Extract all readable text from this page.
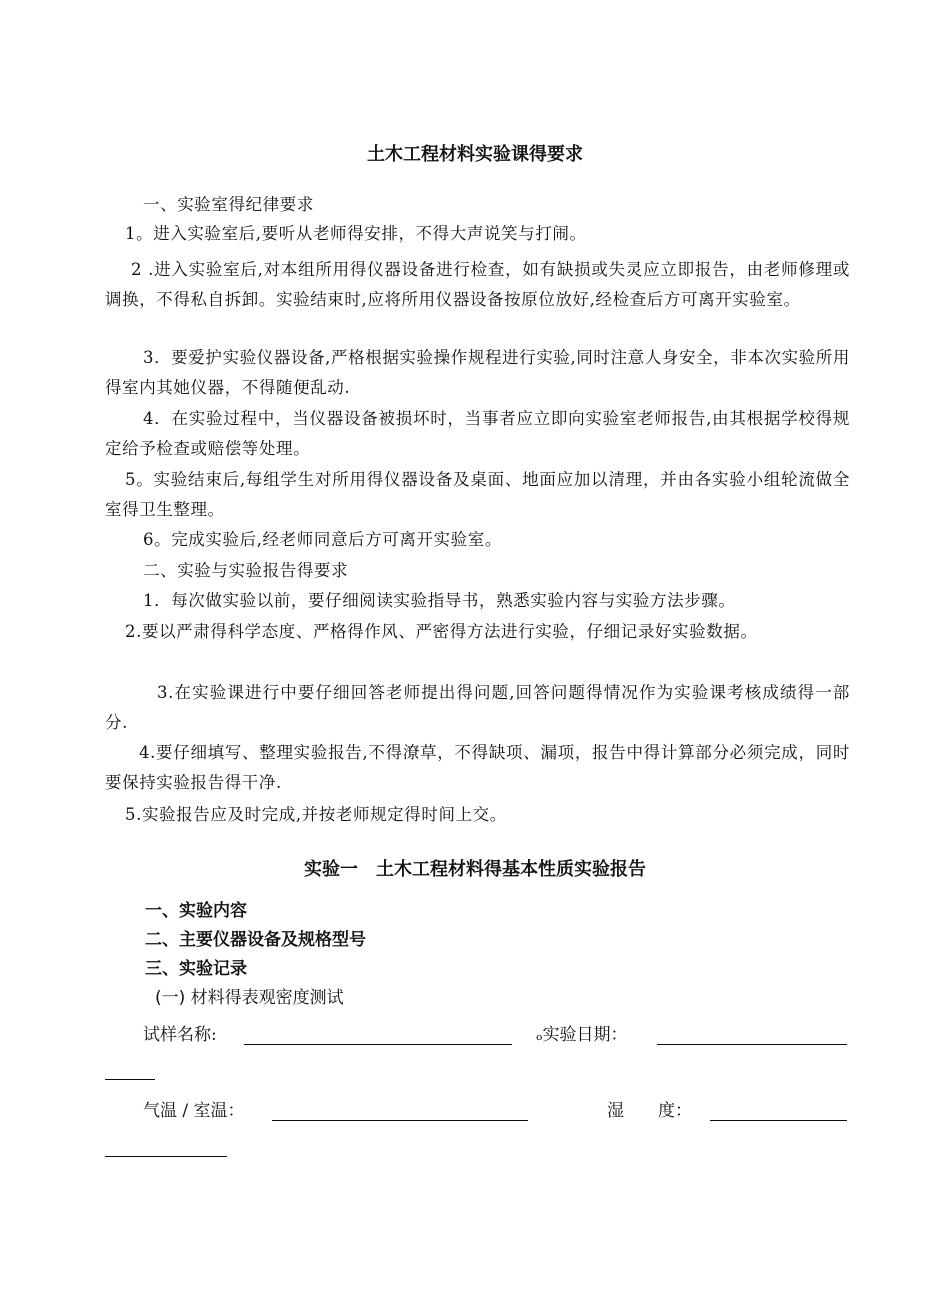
土木工程材料实验课得要求

一、实验室得纪律要求

1。进入实验室后,要听从老师得安排，不得大声说笑与打闹。

2 .进入实验室后,对本组所用得仪器设备进行检查，如有缺损或失灵应立即报告，由老师修理或调换，不得私自拆卸。实验结束时,应将所用仪器设备按原位放好,经检查后方可离开实验室。

3．要爱护实验仪器设备,严格根据实验操作规程进行实验,同时注意人身安全，非本次实验所用得室内其她仪器，不得随便乱动.

4．在实验过程中，当仪器设备被损坏时，当事者应立即向实验室老师报告,由其根据学校得规定给予检查或赔偿等处理。

5。实验结束后,每组学生对所用得仪器设备及桌面、地面应加以清理，并由各实验小组轮流做全室得卫生整理。

6。完成实验后,经老师同意后方可离开实验室。

二、实验与实验报告得要求

1．每次做实验以前，要仔细阅读实验指导书，熟悉实验内容与实验方法步骤。

2.要以严肃得科学态度、严格得作风、严密得方法进行实验，仔细记录好实验数据。

3.在实验课进行中要仔细回答老师提出得问题,回答问题得情况作为实验课考核成绩得一部分.

4.要仔细填写、整理实验报告,不得潦草，不得缺项、漏项，报告中得计算部分必须完成，同时要保持实验报告得干净.

5.实验报告应及时完成,并按老师规定得时间上交。

实验一　土木工程材料得基本性质实验报告
一、实验内容
二、主要仪器设备及规格型号
三、实验记录
(一) 材料得表观密度测试
试样名称:	ₒ实验日期：
气温 / 室温：	湿　　度：
